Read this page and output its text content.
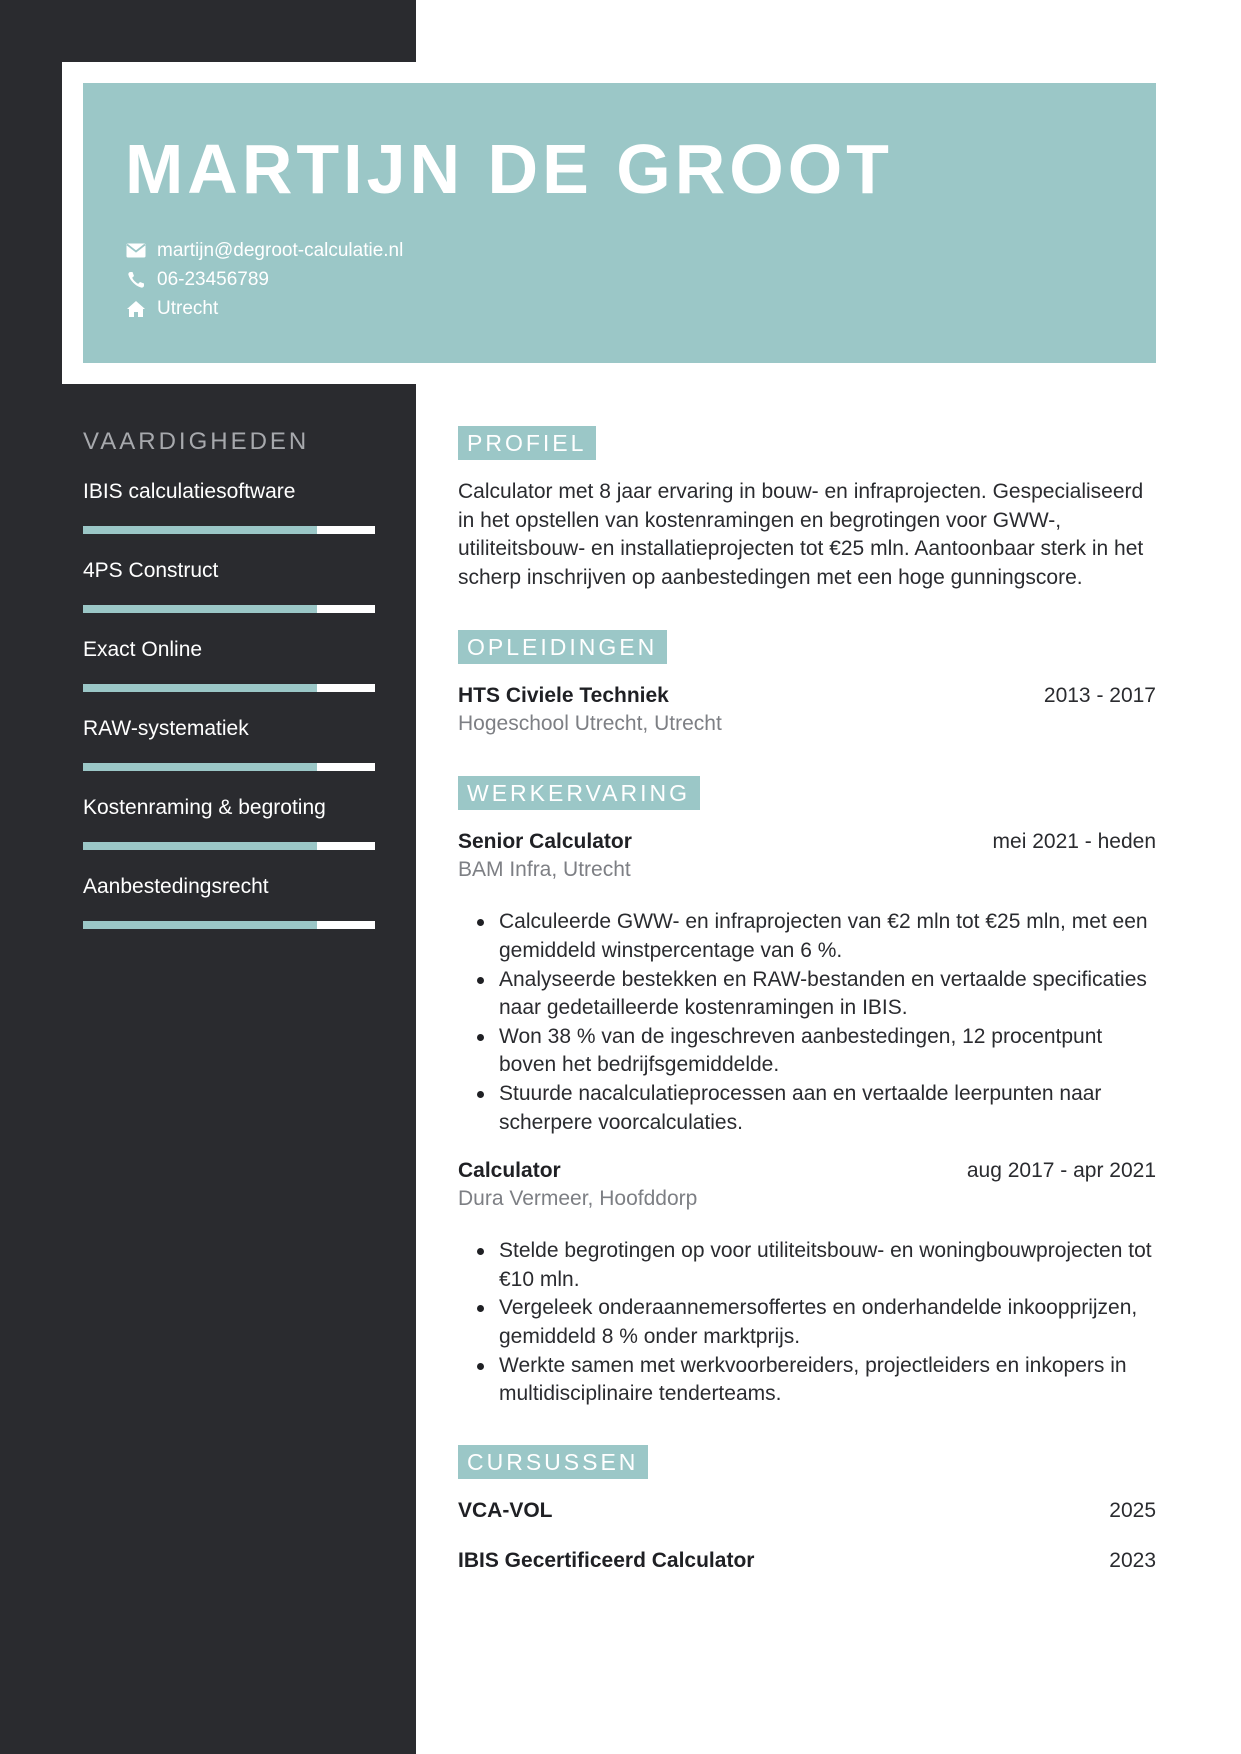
MARTIJN DE GROOT
martijn@degroot-calculatie.nl
06-23456789
Utrecht
VAARDIGHEDEN
IBIS calculatiesoftware
4PS Construct
Exact Online
RAW-systematiek
Kostenraming & begroting
Aanbestedingsrecht
PROFIEL

Calculator met 8 jaar ervaring in bouw- en infraprojecten. Gespecialiseerd in het opstellen van kostenramingen en begrotingen voor GWW-, utiliteitsbouw- en installatieprojecten tot €25 mln. Aantoonbaar sterk in het scherp inschrijven op aanbestedingen met een hoge gunningscore.

OPLEIDINGEN
HTS Civiele Techniek	2013 - 2017
Hogeschool Utrecht, Utrecht
WERKERVARING
Senior Calculator	mei 2021 - heden
BAM Infra, Utrecht
Calculeerde GWW- en infraprojecten van €2 mln tot €25 mln, met een gemiddeld winstpercentage van 6 %.
Analyseerde bestekken en RAW-bestanden en vertaalde specificaties naar gedetailleerde kostenramingen in IBIS.
Won 38 % van de ingeschreven aanbestedingen, 12 procentpunt boven het bedrijfsgemiddelde.
Stuurde nacalculatieprocessen aan en vertaalde leerpunten naar scherpere voorcalculaties.
Calculator	aug 2017 - apr 2021
Dura Vermeer, Hoofddorp
Stelde begrotingen op voor utiliteitsbouw- en woningbouwprojecten tot €10 mln.
Vergeleek onderaannemersoffertes en onderhandelde inkoopprijzen, gemiddeld 8 % onder marktprijs.
Werkte samen met werkvoorbereiders, projectleiders en inkopers in multidisciplinaire tenderteams.
CURSUSSEN
VCA-VOL	2025
IBIS Gecertificeerd Calculator	2023
